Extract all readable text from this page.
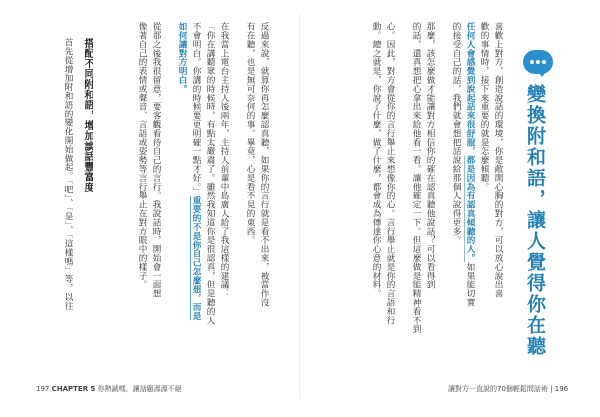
變換附和語，讓人覺得你在聽
喜歡上對方，創造說話的環境，你是敞開心胸的對方，可以放心說出喜
歡的事情時，接下來重要的就是怎麼傾聽。
任何人會感覺到說起話來很舒服，都是因為有認真傾聽的人。如果能切實
的接受自己的話，我們就會想把話說給那個人說得更多。
那麼，該怎麼做才能讓對方相信你的確在認真聽他說話？可以看得到
的話，還真想把心拿出來給他看一看。讓他確定一下。但這麼做是能精神看不到
心。因此，對方會從你的言行舉止來想像你的心。言行舉止就是你的言語和行
動。總之就是，你說了什麼，做了什麼，都會成為傳達你心意的材料。
讓對方一直說的70個輕鬆問話術 | 196
反過來說，就算你再怎麼認真聽，如果你的言行就是看不出來，被當作沒
有在聽，也是無可奈何的事。畢竟，心是看不見的東西。
在我當上電台主持人後兩年，主持人前輩中島廣人給了我這樣的建議：
「你在講聽眾的時候時，有點太嚴肅了。雖然我知道你是很認真，但是聽的人
不會明白。你講的時候要更明確一點才好。」重要的不是你自己怎麼想，而是
如何讓對方明白。
從那之後我很留意，要客觀看待自己的言行。我說話時，開始會一面想
像著自己的表情或聲音、言語或姿勢等言行舉止在對方眼中的樣子。
搭配不同附和語，增加談話豐富度
首先從增加附和語的變化開始做起。「吧」、「是」、「這樣嗎」等，以往
197 CHAPTER 5 你熱誠嗎，讓話題源源不絕
